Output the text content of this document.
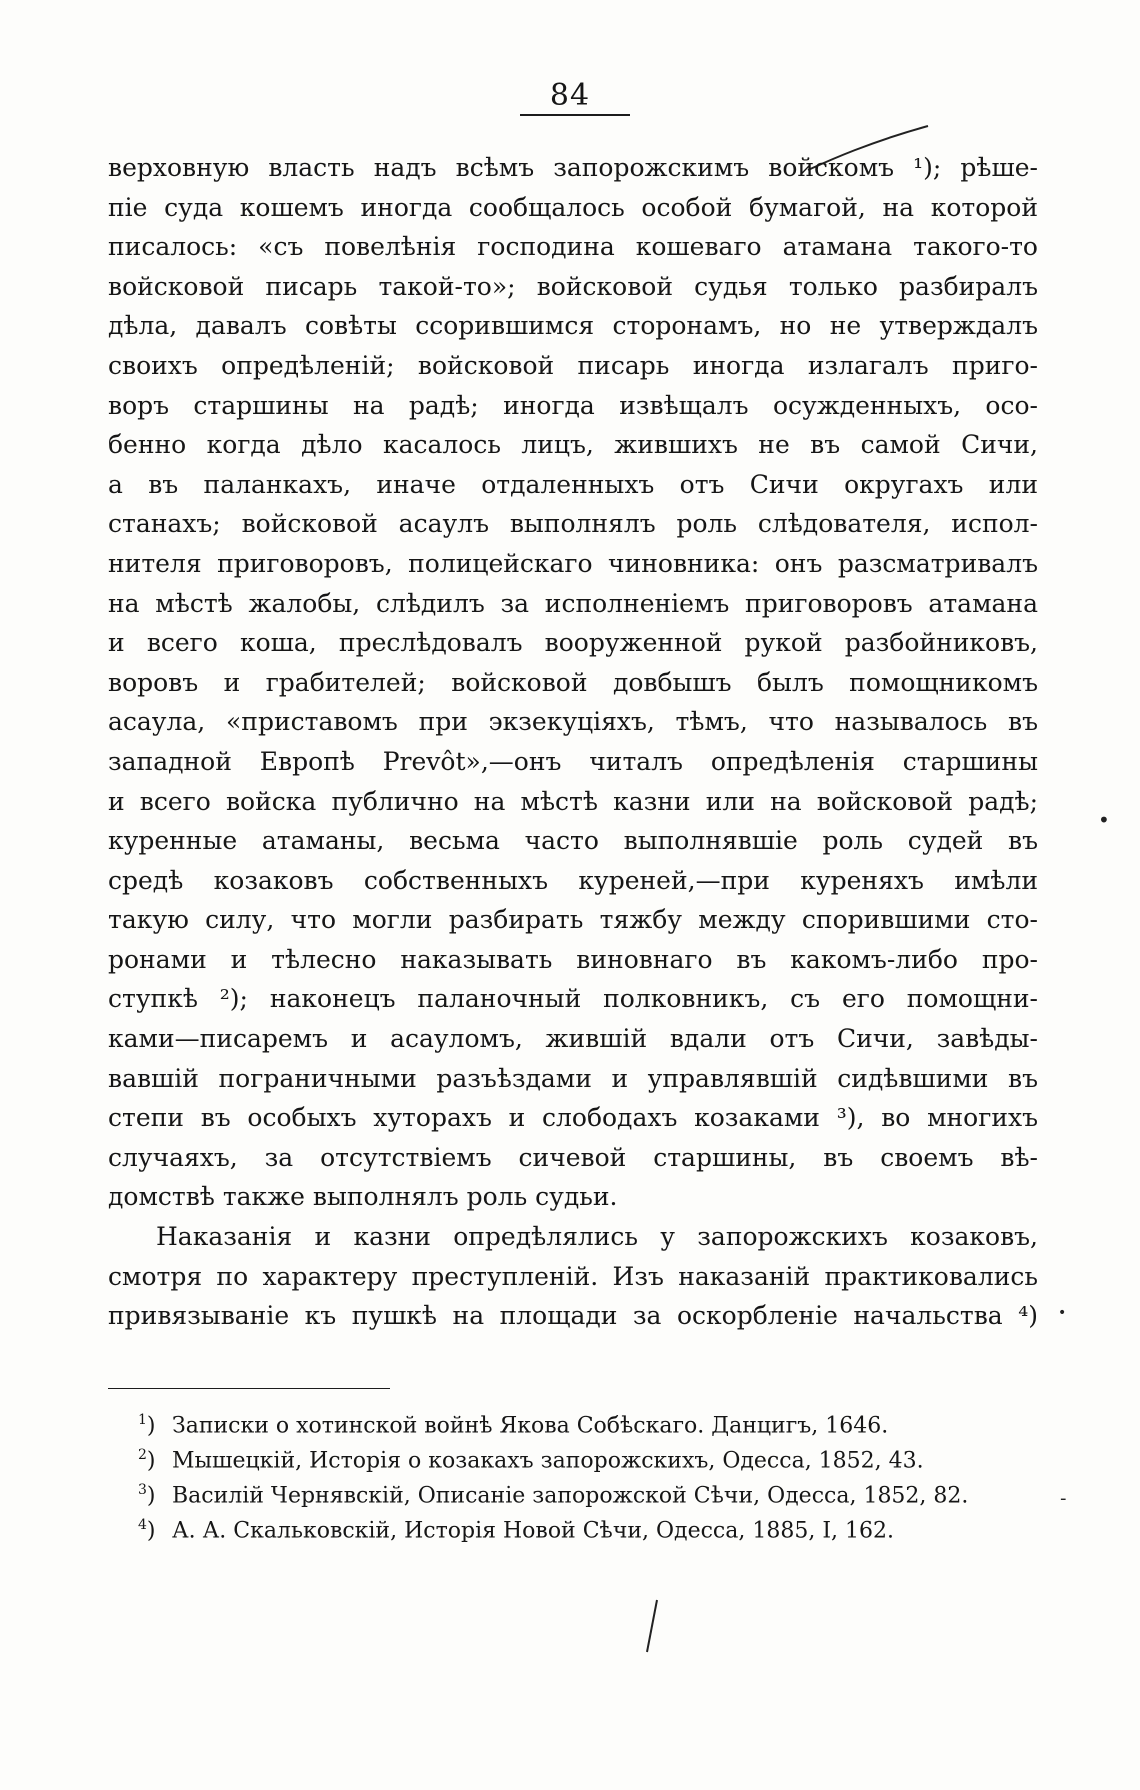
84
•
•
-
верховную власть надъ всѣмъ запорожскимъ войскомъ ¹); рѣше-
піе суда кошемъ иногда сообщалось особой бумагой, на которой
писалось: «съ повелѣнія господина кошеваго атамана такого-то
войсковой писарь такой-то»; войсковой судья только разбиралъ
дѣла, давалъ совѣты ссорившимся сторонамъ, но не утверждалъ
своихъ опредѣленій; войсковой писарь иногда излагалъ приго-
воръ старшины на радѣ; иногда извѣщалъ осужденныхъ, осо-
бенно когда дѣло касалось лицъ, жившихъ не въ самой Сичи,
а въ паланкахъ, иначе отдаленныхъ отъ Сичи округахъ или
станахъ; войсковой асаулъ выполнялъ роль слѣдователя, испол-
нителя приговоровъ, полицейскаго чиновника: онъ разсматривалъ
на мѣстѣ жалобы, слѣдилъ за исполненіемъ приговоровъ атамана
и всего коша, преслѣдовалъ вооруженной рукой разбойниковъ,
воровъ и грабителей; войсковой довбышъ былъ помощникомъ
асаула, «приставомъ при экзекуціяхъ, тѣмъ, что называлось въ
западной Европѣ Prevôt»,—онъ читалъ опредѣленія старшины
и всего войска публично на мѣстѣ казни или на войсковой радѣ;
куренные атаманы, весьма часто выполнявшіе роль судей въ
средѣ козаковъ собственныхъ куреней,—при куреняхъ имѣли
такую силу, что могли разбирать тяжбу между спорившими сто-
ронами и тѣлесно наказывать виновнаго въ какомъ-либо про-
ступкѣ ²); наконецъ паланочный полковникъ, съ его помощни-
ками—писаремъ и асауломъ, жившій вдали отъ Сичи, завѣды-
вавшій пограничными разъѣздами и управлявшій сидѣвшими въ
степи въ особыхъ хуторахъ и слободахъ козаками ³), во многихъ
случаяхъ, за отсутствіемъ сичевой старшины, въ своемъ вѣ-
домствѣ также выполнялъ роль судьи.
Наказанія и казни опредѣлялись у запорожскихъ козаковъ,
смотря по характеру преступленій. Изъ наказаній практиковались
привязываніе къ пушкѣ на площади за оскорбленіе начальства ⁴)
$^1$) Записки о хотинской войнѣ Якова Собѣскаго. Данцигъ, 1646.
$^2$) Мышецкій, Исторія о козакахъ запорожскихъ, Одесса, 1852, 43.
$^3$) Василій Чернявскій, Описаніе запорожской Сѣчи, Одесса, 1852, 82.
$^4$) А. А. Скальковскій, Исторія Новой Сѣчи, Одесса, 1885, I, 162.
